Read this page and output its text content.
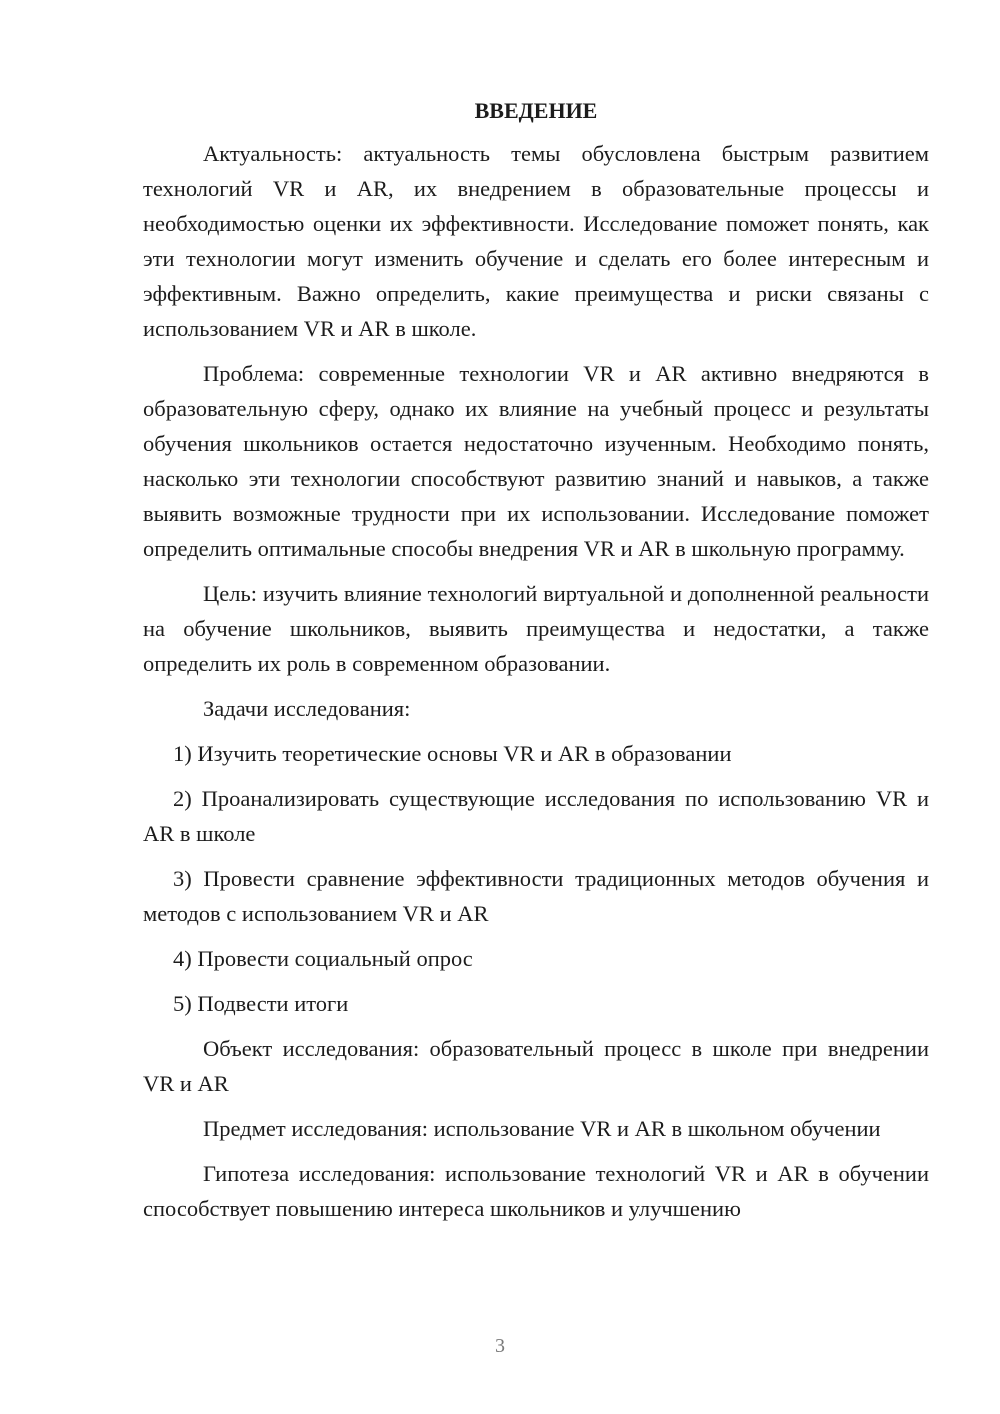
ВВЕДЕНИЕ

Актуальность: актуальность темы обусловлена быстрым развитием технологий VR и AR, их внедрением в образовательные процессы и необходимостью оценки их эффективности. Исследование поможет понять, как эти технологии могут изменить обучение и сделать его более интересным и эффективным. Важно определить, какие преимущества и риски связаны с использованием VR и AR в школе.

Проблема: современные технологии VR и AR активно внедряются в образовательную сферу, однако их влияние на учебный процесс и результаты обучения школьников остается недостаточно изученным. Необходимо понять, насколько эти технологии способствуют развитию знаний и навыков, а также выявить возможные трудности при их использовании. Исследование поможет определить оптимальные способы внедрения VR и AR в школьную программу.

Цель: изучить влияние технологий виртуальной и дополненной реальности на обучение школьников, выявить преимущества и недостатки, а также определить их роль в современном образовании.

Задачи исследования:

1) Изучить теоретические основы VR и AR в образовании

2) Проанализировать существующие исследования по использованию VR и AR в школе

3) Провести сравнение эффективности традиционных методов обучения и методов с использованием VR и AR

4) Провести социальный опрос

5) Подвести итоги

Объект исследования: образовательный процесс в школе при внедрении VR и AR

Предмет исследования: использование VR и AR в школьном обучении

Гипотеза исследования: использование технологий VR и AR в обучении способствует повышению интереса школьников и улучшению

3
